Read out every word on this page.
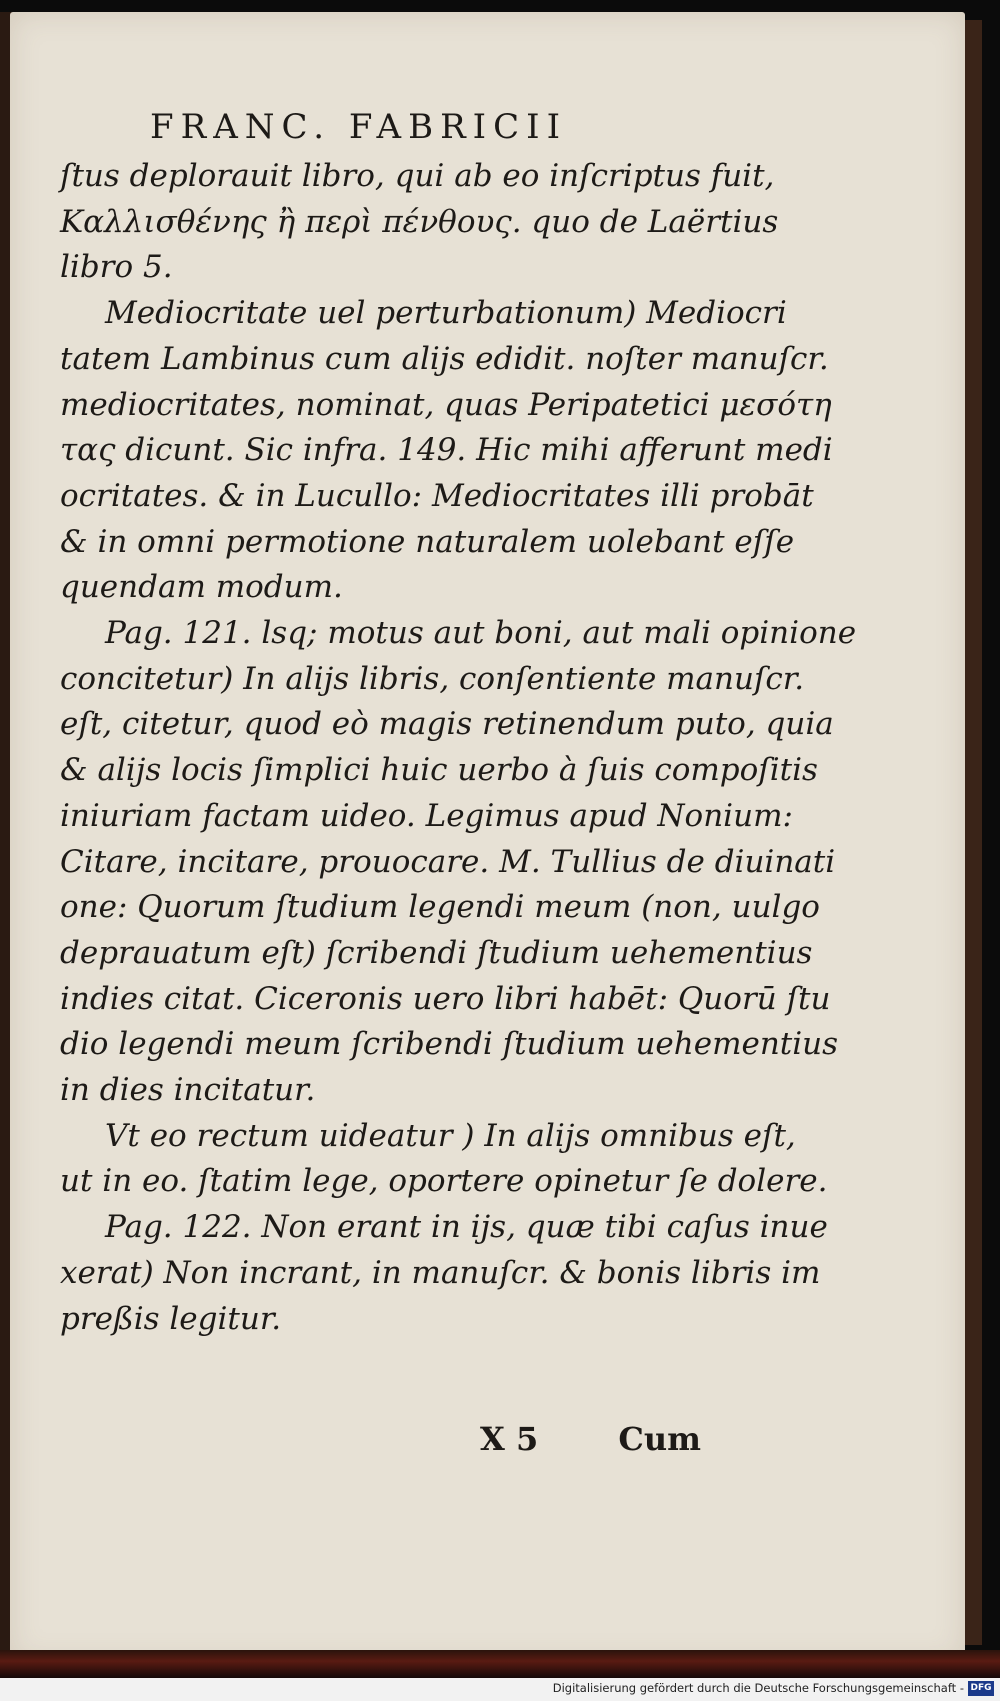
FRANC. FABRICII
ſtus deplorauit libro, qui ab eo inſcriptus fuit,
Καλλισθένης ἢ περὶ πένθους. quo de Laërtius
libro 5.
Mediocritate uel perturbationum) Mediocri
tatem Lambinus cum alijs edidit. noſter manuſcr.
mediocritates, nominat, quas Peripatetici μεσότη
τας dicunt. Sic infra. 149. Hic mihi afferunt medi
ocritates. & in Lucullo: Mediocritates illi probāt
& in omni permotione naturalem uolebant eſſe
quendam modum.
Pag. 121. lsq; motus aut boni, aut mali opinione
concitetur) In alijs libris, conſentiente manuſcr.
eſt, citetur, quod eò magis retinendum puto, quia
& alijs locis ſimplici huic uerbo à ſuis compoſitis
iniuriam factam uideo. Legimus apud Nonium:
Citare, incitare, prouocare. M. Tullius de diuinati
one: Quorum ſtudium legendi meum (non, uulgo
deprauatum eſt) ſcribendi ſtudium uehementius
indies citat. Ciceronis uero libri habēt: Quorū ſtu
dio legendi meum ſcribendi ſtudium uehementius
in dies incitatur.
Vt eo rectum uideatur ) In alijs omnibus eſt,
ut in eo. ſtatim lege, oportere opinetur ſe dolere.
Pag. 122. Non erant in ijs, quæ tibi caſus inue
xerat) Non incrant, in manuſcr. & bonis libris im
preßis legitur.
X 5	Cum
Digitalisierung gefördert durch die Deutsche Forschungsgemeinschaft - DFG
